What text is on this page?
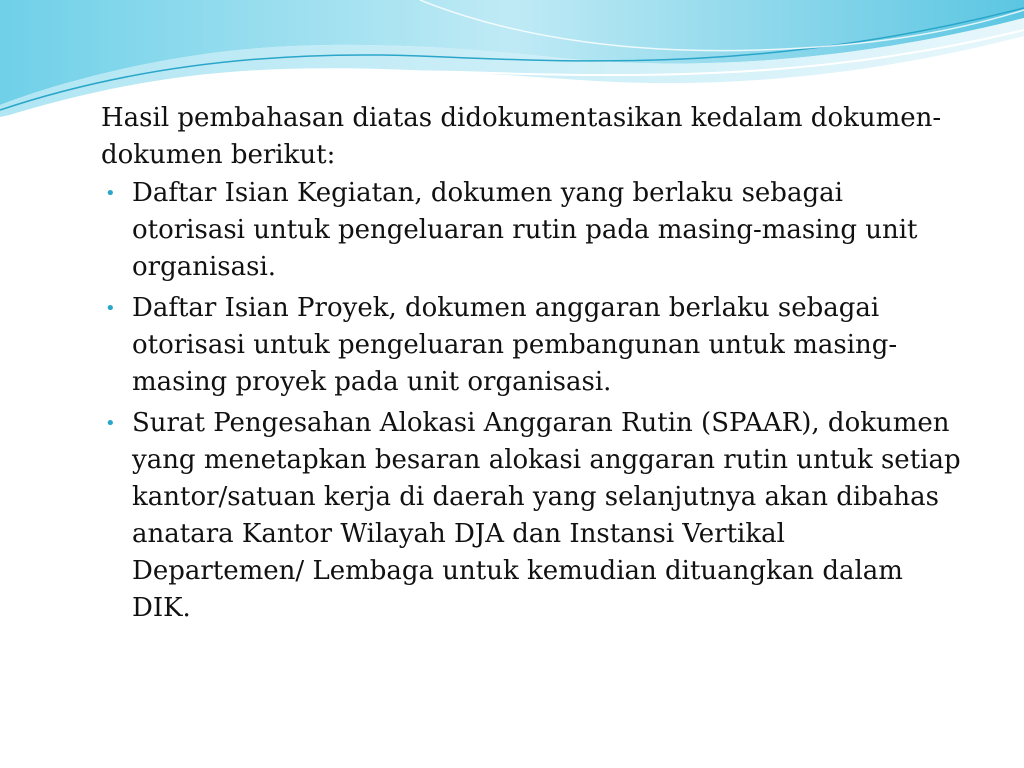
Hasil pembahasan diatas didokumentasikan kedalam dokumen-dokumen berikut:

• Daftar Isian Kegiatan, dokumen yang berlaku sebagai otorisasi untuk pengeluaran rutin pada masing-masing unit organisasi.
• Daftar Isian Proyek, dokumen anggaran berlaku sebagai otorisasi untuk pengeluaran pembangunan untuk masing-masing proyek pada unit organisasi.
• Surat Pengesahan Alokasi Anggaran Rutin (SPAAR), dokumen yang menetapkan besaran alokasi anggaran rutin untuk setiap kantor/satuan kerja di daerah yang selanjutnya akan dibahas anatara Kantor Wilayah DJA dan Instansi Vertikal Departemen/ Lembaga untuk kemudian dituangkan dalam DIK.
